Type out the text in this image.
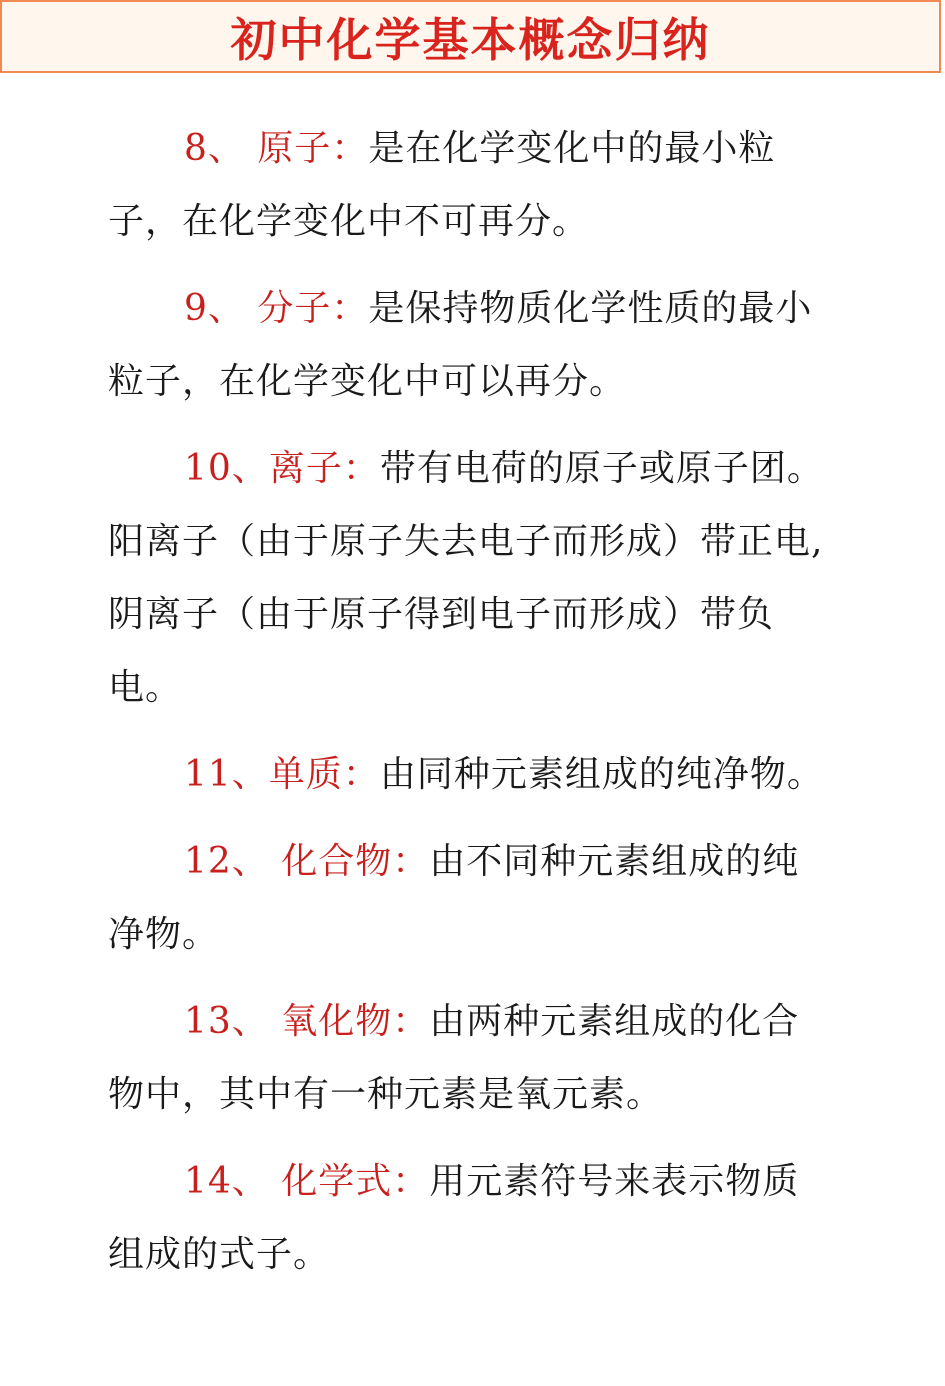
初中化学基本概念归纳

8、 原子：是在化学变化中的最小粒子，在化学变化中不可再分。

9、 分子：是保持物质化学性质的最小粒子，在化学变化中可以再分。

10、离子：带有电荷的原子或原子团。阳离子（由于原子失去电子而形成）带正电,阴离子（由于原子得到电子而形成）带负电。

11、单质：由同种元素组成的纯净物。

12、 化合物：由不同种元素组成的纯净物。

13、 氧化物：由两种元素组成的化合物中，其中有一种元素是氧元素。

14、 化学式：用元素符号来表示物质组成的式子。
